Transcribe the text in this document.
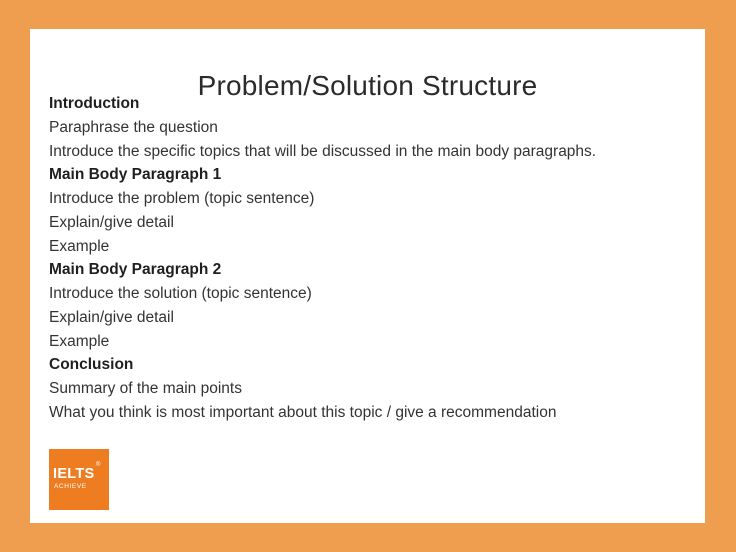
Problem/Solution Structure
Introduction
Paraphrase the question
Introduce the specific topics that will be discussed in the main body paragraphs.
Main Body Paragraph 1
Introduce the problem (topic sentence)
Explain/give detail
Example
Main Body Paragraph 2
Introduce the solution (topic sentence)
Explain/give detail
Example
Conclusion
Summary of the main points
What you think is most important about this topic / give a recommendation
IELTS
®
ACHIEVE
